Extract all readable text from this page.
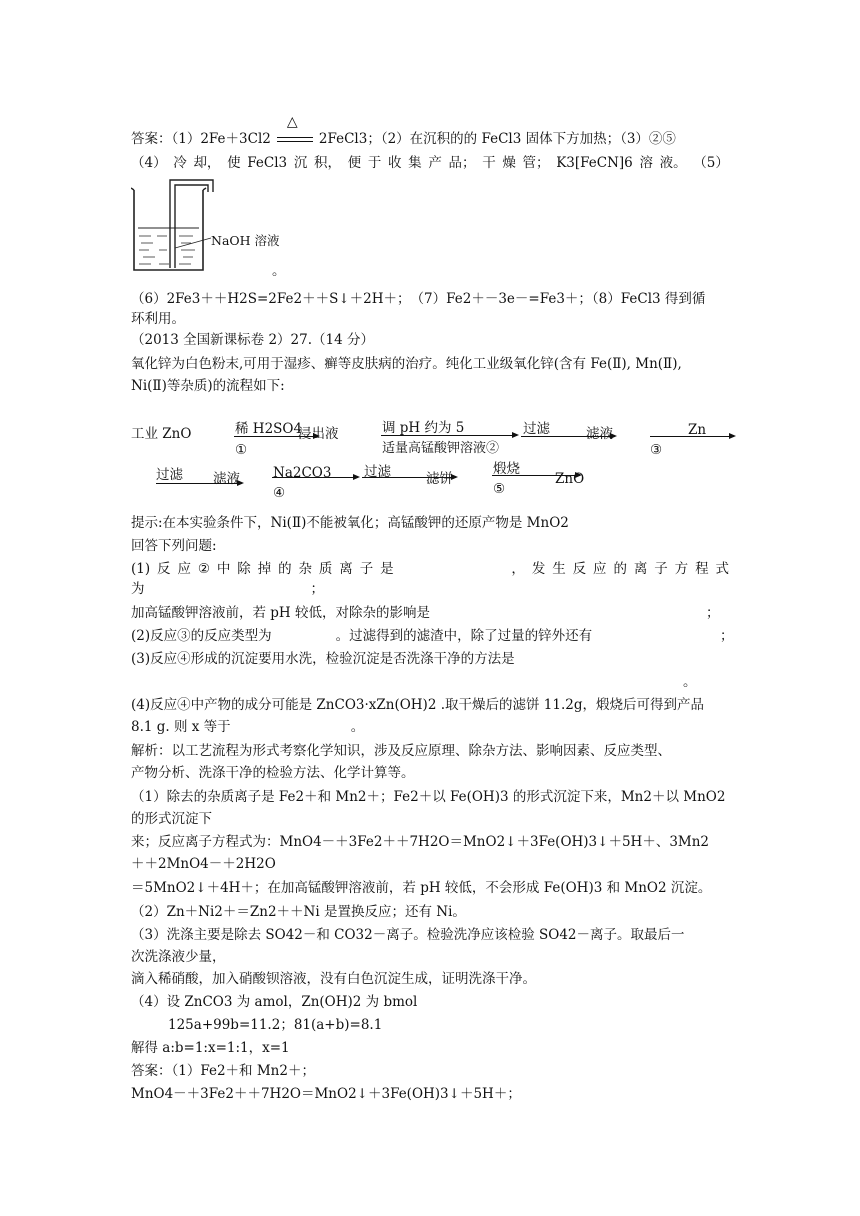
答案：（1）2Fe＋3Cl2
△
2FeCl3；（2）在沉积的的 FeCl3 固体下方加热；（3）②⑤
（4） 冷 却， 使 FeCl3 沉 积， 便 于 收 集 产 品； 干 燥 管； K3[FeCN]6 溶 液。 （5）
NaOH 溶液
。
（6）2Fe3＋＋H2S=2Fe2＋＋S↓＋2H＋；　（7）Fe2＋－3e－=Fe3＋；（8）FeCl3 得到循
环利用。
（2013 全国新课标卷 2）27.（14 分）
氧化锌为白色粉末,可用于湿疹、癣等皮肤病的治疗。纯化工业级氧化锌(含有 Fe(Ⅱ), Mn(Ⅱ),
Ni(Ⅱ)等杂质)的流程如下:
工业 ZnO	稀 H2SO4
①
浸出液	调 pH 约为 5
适量高锰酸钾溶液②
过滤	滤液	Zn
③
过滤 滤液 Na2CO3
④
过滤	滤饼
煅烧
⑤
ZnO
提示:在本实验条件下，Ni(Ⅱ)不能被氧化；高锰酸钾的还原产物是 MnO2
回答下列问题:
(1) 反 应 ② 中 除 掉 的 杂 质 离 子 是	， 发 生 反 应 的 离 子 方 程 式
为	；
加高锰酸钾溶液前，若 pH 较低，对除杂的影响是	；
(2)反应③的反应类型为	。过滤得到的滤渣中，除了过量的锌外还有	；
(3)反应④形成的沉淀要用水洗，检验沉淀是否洗涤干净的方法是
。
(4)反应④中产物的成分可能是 ZnCO3·xZn(OH)2 .取干燥后的滤饼 11.2g，煅烧后可得到产品
8.1 g. 则 x 等于	。
解析：以工艺流程为形式考察化学知识，涉及反应原理、除杂方法、影响因素、反应类型、
产物分析、洗涤干净的检验方法、化学计算等。
（1）除去的杂质离子是 Fe2＋和 Mn2＋；Fe2＋以 Fe(OH)3 的形式沉淀下来，Mn2＋以 MnO2
的形式沉淀下
来；反应离子方程式为：MnO4－＋3Fe2＋＋7H2O＝MnO2↓＋3Fe(OH)3↓＋5H＋、3Mn2
＋＋2MnO4－＋2H2O
＝5MnO2↓＋4H＋；在加高锰酸钾溶液前，若 pH 较低，不会形成 Fe(OH)3 和 MnO2 沉淀。
（2）Zn＋Ni2＋＝Zn2＋＋Ni 是置换反应；还有 Ni。
（3）洗涤主要是除去 SO42－和 CO32－离子。检验洗净应该检验 SO42－离子。取最后一
次洗涤液少量，
滴入稀硝酸，加入硝酸钡溶液，没有白色沉淀生成，证明洗涤干净。
（4）设 ZnCO3 为 amol，Zn(OH)2 为 bmol
125a+99b=11.2；81(a+b)=8.1
解得 a:b=1:x=1:1，x=1
答案：（1）Fe2＋和 Mn2＋；
MnO4－＋3Fe2＋＋7H2O＝MnO2↓＋3Fe(OH)3↓＋5H＋；
